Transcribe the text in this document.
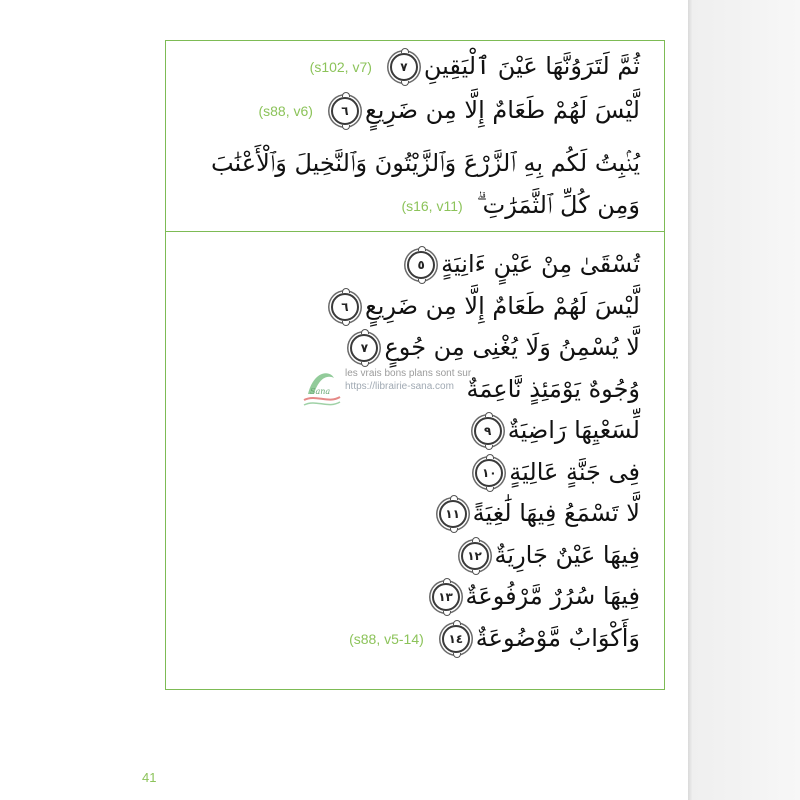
ثُمَّ لَتَرَوُنَّهَا عَيْنَ ٱلْيَقِينِ٧(s102, v7)
لَّيْسَ لَهُمْ طَعَامٌ إِلَّا مِن ضَرِيعٍ٦(s88, v6)
يُنۢبِتُ لَكُم بِهِ ٱلزَّرْعَ وَٱلزَّيْتُونَ وَٱلنَّخِيلَ وَٱلْأَعْنَٰبَ وَمِن كُلِّ ٱلثَّمَرَٰتِ ۗ(s16, v11)
تُسْقَىٰ مِنْ عَيْنٍ ءَانِيَةٍ٥
لَّيْسَ لَهُمْ طَعَامٌ إِلَّا مِن ضَرِيعٍ٦
لَّا يُسْمِنُ وَلَا يُغْنِى مِن جُوعٍ٧
وُجُوهٌ يَوْمَئِذٍ نَّاعِمَةٌ
لِّسَعْيِهَا رَاضِيَةٌ٩
فِى جَنَّةٍ عَالِيَةٍ١٠
لَّا تَسْمَعُ فِيهَا لَٰغِيَةً١١
فِيهَا عَيْنٌ جَارِيَةٌ١٢
فِيهَا سُرُرٌ مَّرْفُوعَةٌ١٣
وَأَكْوَابٌ مَّوْضُوعَةٌ١٤(s88, v5-14)
Sana
les vrais bons plans sont sur
https://librairie-sana.com
41
